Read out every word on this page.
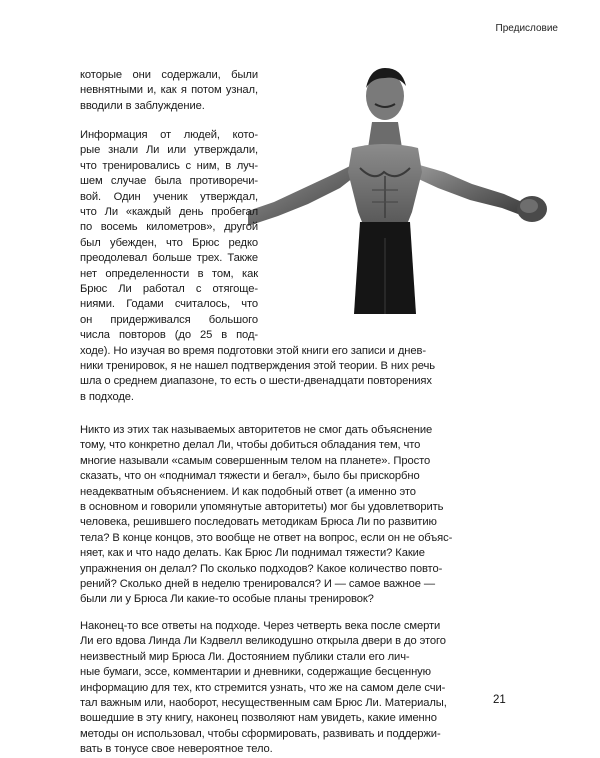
Предисловие
которые они содержали, были
невнятными и, как я потом узнал,
вводили в заблуждение.
Информация от людей, кото-
рые знали Ли или утверждали,
что тренировались с ним, в луч-
шем случае была противоречи-
вой. Один ученик утверждал,
что Ли «каждый день пробегал
по восемь километров», другой
был убежден, что Брюс редко
преодолевал больше трех. Также
нет определенности в том, как
Брюс Ли работал с отягоще-
ниями. Годами считалось, что
он придерживался большого
числа повторов (до 25 в под-
ходе). Но изучая во время подготовки этой книги его записи и днев-
ники тренировок, я не нашел подтверждения этой теории. В них речь
шла о среднем диапазоне, то есть о шести-двенадцати повторениях
в подходе.
Никто из этих так называемых авторитетов не смог дать объяснение
тому, что конкретно делал Ли, чтобы добиться обладания тем, что
многие называли «самым совершенным телом на планете». Просто
сказать, что он «поднимал тяжести и бегал», было бы прискорбно
неадекватным объяснением. И как подобный ответ (а именно это
в основном и говорили упомянутые авторитеты) мог бы удовлетворить
человека, решившего последовать методикам Брюса Ли по развитию
тела? В конце концов, это вообще не ответ на вопрос, если он не объяс-
няет, как и что надо делать. Как Брюс Ли поднимал тяжести? Какие
упражнения он делал? По сколько подходов? Какое количество повто-
рений? Сколько дней в неделю тренировался? И — самое важное —
были ли у Брюса Ли какие-то особые планы тренировок?
Наконец-то все ответы на подходе. Через четверть века после смерти
Ли его вдова Линда Ли Кэдвелл великодушно открыла двери в до этого
неизвестный мир Брюса Ли. Достоянием публики стали его лич-
ные бумаги, эссе, комментарии и дневники, содержащие бесценную
информацию для тех, кто стремится узнать, что же на самом деле счи-
тал важным или, наоборот, несущественным сам Брюс Ли. Материалы,
вошедшие в эту книгу, наконец позволяют нам увидеть, какие именно
методы он использовал, чтобы сформировать, развивать и поддержи-
вать в тонусе свое невероятное тело.
21
